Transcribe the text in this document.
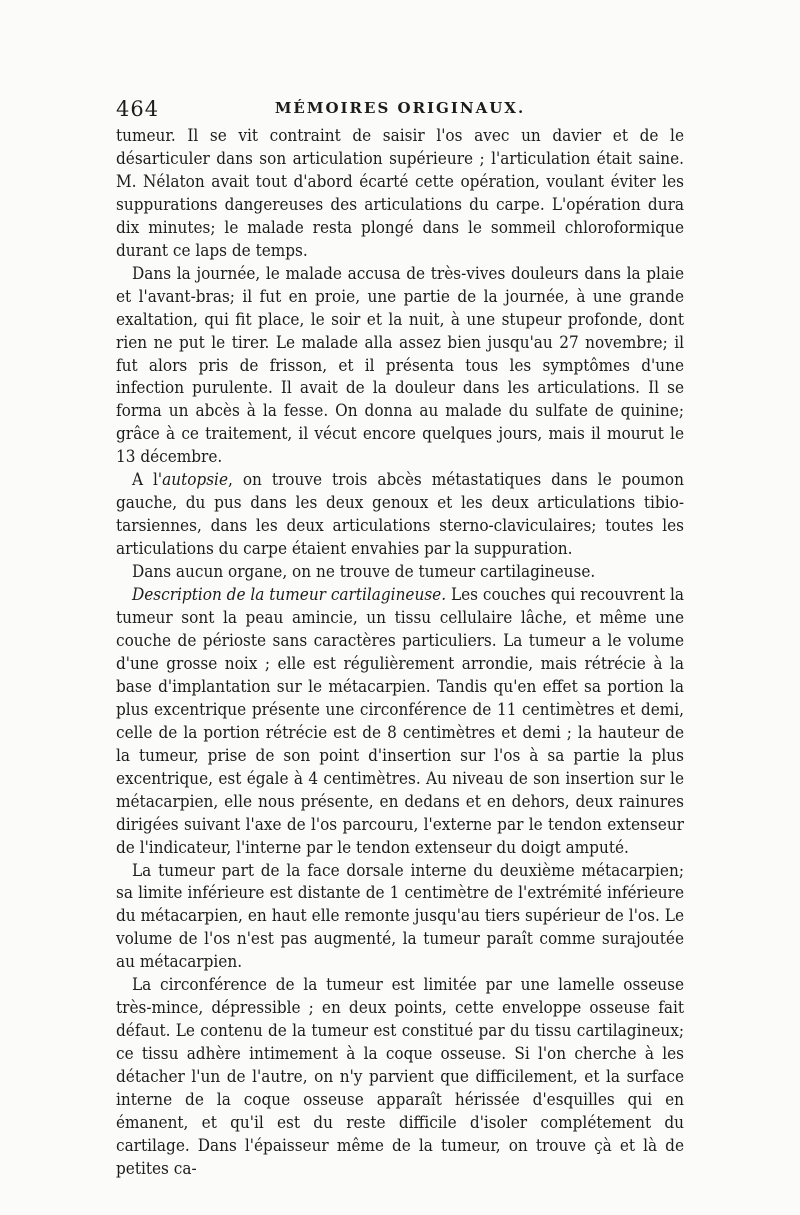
464	MÉMOIRES ORIGINAUX.

tumeur. Il se vit contraint de saisir l'os avec un davier et de le désarticuler dans son articulation supérieure ; l'articulation était saine. M. Nélaton avait tout d'abord écarté cette opération, voulant éviter les suppurations dangereuses des articulations du carpe. L'opération dura dix minutes; le malade resta plongé dans le sommeil chloroformique durant ce laps de temps.

Dans la journée, le malade accusa de très-vives douleurs dans la plaie et l'avant-bras; il fut en proie, une partie de la journée, à une grande exaltation, qui fit place, le soir et la nuit, à une stupeur profonde, dont rien ne put le tirer. Le malade alla assez bien jusqu'au 27 novembre; il fut alors pris de frisson, et il présenta tous les symptômes d'une infection purulente. Il avait de la douleur dans les articulations. Il se forma un abcès à la fesse. On donna au malade du sulfate de quinine; grâce à ce traitement, il vécut encore quelques jours, mais il mourut le 13 décembre.

A l'autopsie, on trouve trois abcès métastatiques dans le poumon gauche, du pus dans les deux genoux et les deux articulations tibio-tarsiennes, dans les deux articulations sterno-claviculaires; toutes les articulations du carpe étaient envahies par la suppuration.

Dans aucun organe, on ne trouve de tumeur cartilagineuse.

Description de la tumeur cartilagineuse. Les couches qui recouvrent la tumeur sont la peau amincie, un tissu cellulaire lâche, et même une couche de périoste sans caractères particuliers. La tumeur a le volume d'une grosse noix ; elle est régulièrement arrondie, mais rétrécie à la base d'implantation sur le métacarpien. Tandis qu'en effet sa portion la plus excentrique présente une circonférence de 11 centimètres et demi, celle de la portion rétrécie est de 8 centimètres et demi ; la hauteur de la tumeur, prise de son point d'insertion sur l'os à sa partie la plus excentrique, est égale à 4 centimètres. Au niveau de son insertion sur le métacarpien, elle nous présente, en dedans et en dehors, deux rainures dirigées suivant l'axe de l'os parcouru, l'externe par le tendon extenseur de l'indicateur, l'interne par le tendon extenseur du doigt amputé.

La tumeur part de la face dorsale interne du deuxième métacarpien; sa limite inférieure est distante de 1 centimètre de l'extrémité inférieure du métacarpien, en haut elle remonte jusqu'au tiers supérieur de l'os. Le volume de l'os n'est pas augmenté, la tumeur paraît comme surajoutée au métacarpien.

La circonférence de la tumeur est limitée par une lamelle osseuse très-mince, dépressible ; en deux points, cette enveloppe osseuse fait défaut. Le contenu de la tumeur est constitué par du tissu cartilagineux; ce tissu adhère intimement à la coque osseuse. Si l'on cherche à les détacher l'un de l'autre, on n'y parvient que difficilement, et la surface interne de la coque osseuse apparaît hérissée d'esquilles qui en émanent, et qu'il est du reste difficile d'isoler complétement du cartilage. Dans l'épaisseur même de la tumeur, on trouve çà et là de petites ca-
